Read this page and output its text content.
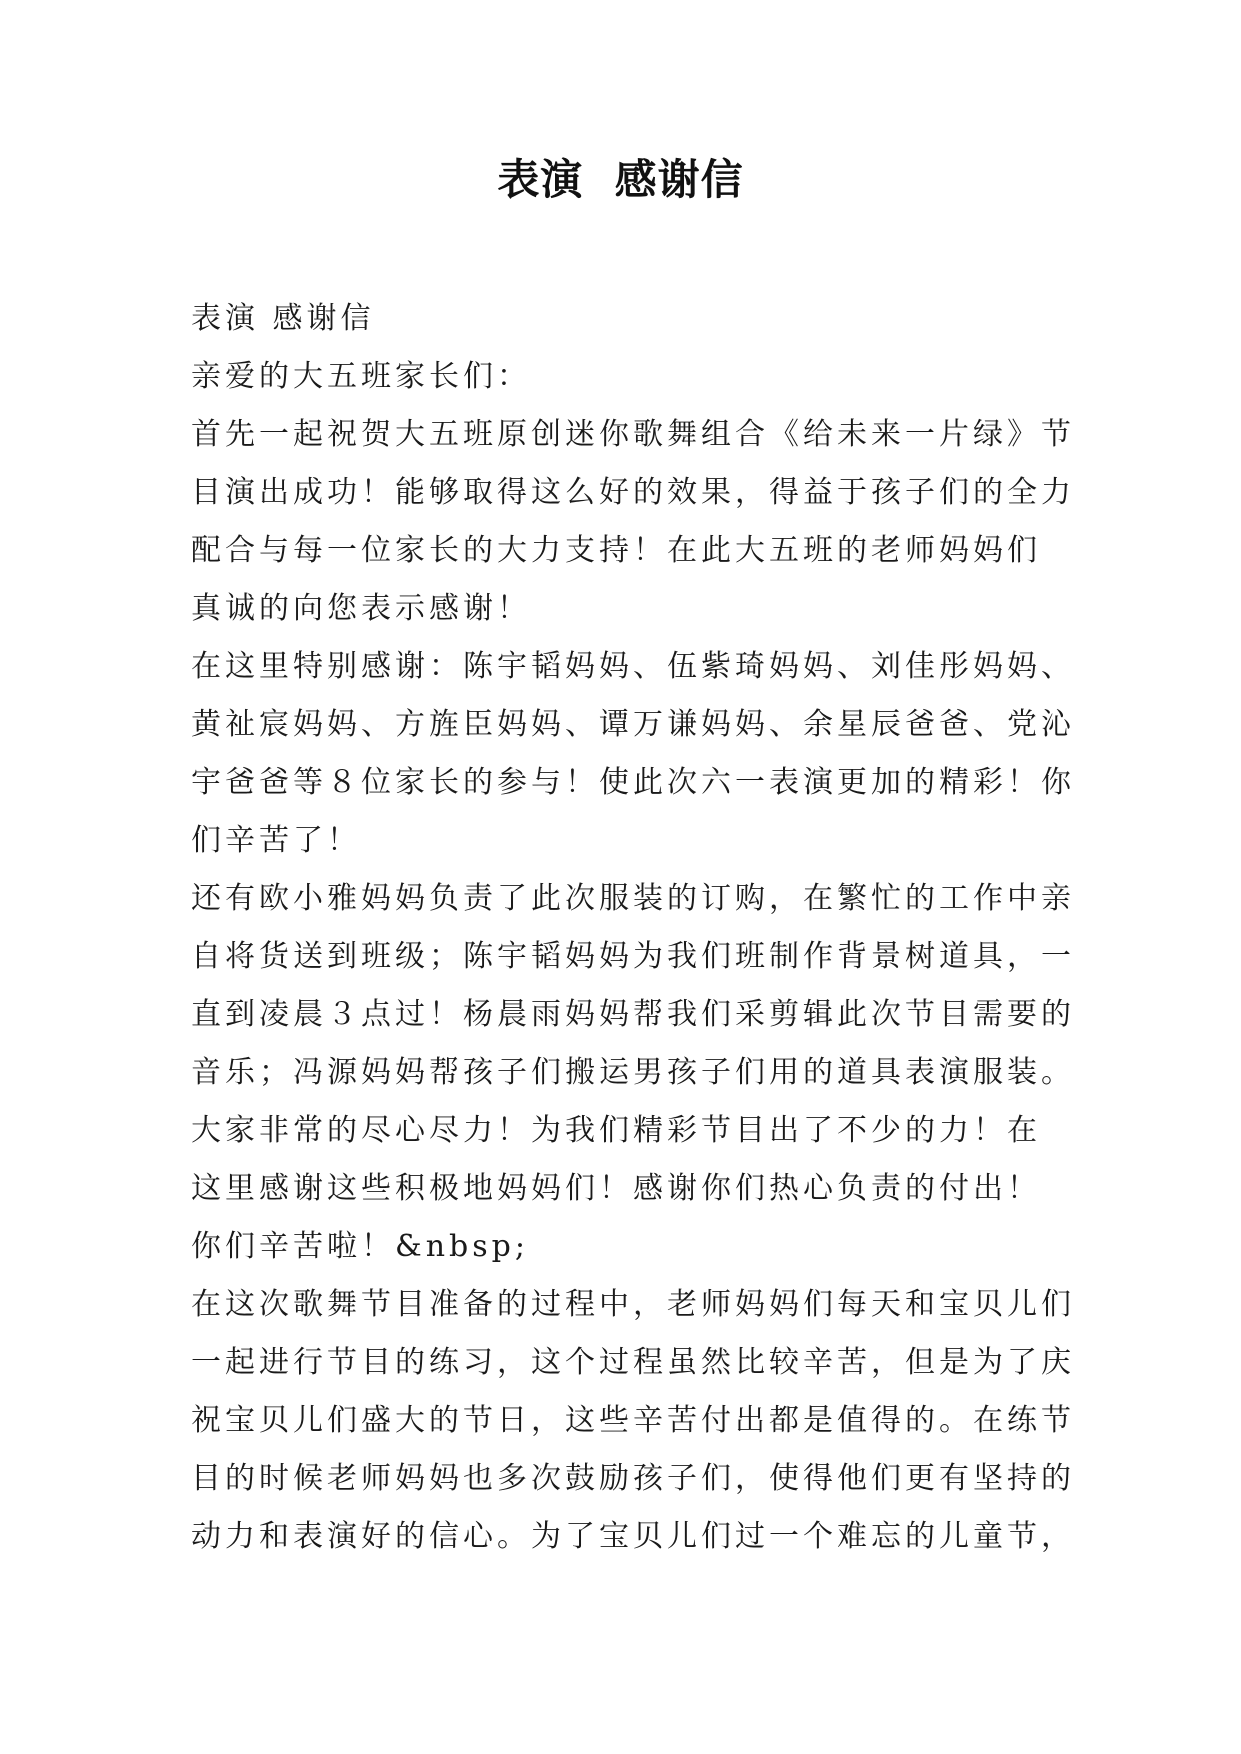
表演  感谢信
表演 感谢信
亲爱的大五班家长们：
首先一起祝贺大五班原创迷你歌舞组合《给未来一片绿》节
目演出成功！能够取得这么好的效果，得益于孩子们的全力
配合与每一位家长的大力支持！在此大五班的老师妈妈们
真诚的向您表示感谢！
在这里特别感谢：陈宇韬妈妈、伍紫琦妈妈、刘佳彤妈妈、
黄祉宸妈妈、方旌臣妈妈、谭万谦妈妈、余星辰爸爸、党沁
宇爸爸等８位家长的参与！使此次六一表演更加的精彩！你
们辛苦了！
还有欧小雅妈妈负责了此次服装的订购，在繁忙的工作中亲
自将货送到班级；陈宇韬妈妈为我们班制作背景树道具，一
直到凌晨３点过！杨晨雨妈妈帮我们采剪辑此次节目需要的
音乐；冯源妈妈帮孩子们搬运男孩子们用的道具表演服装。
大家非常的尽心尽力！为我们精彩节目出了不少的力！在
这里感谢这些积极地妈妈们！感谢你们热心负责的付出！
你们辛苦啦！&nbsp;
在这次歌舞节目准备的过程中，老师妈妈们每天和宝贝儿们
一起进行节目的练习，这个过程虽然比较辛苦，但是为了庆
祝宝贝儿们盛大的节日，这些辛苦付出都是值得的。在练节
目的时候老师妈妈也多次鼓励孩子们，使得他们更有坚持的
动力和表演好的信心。为了宝贝儿们过一个难忘的儿童节，
